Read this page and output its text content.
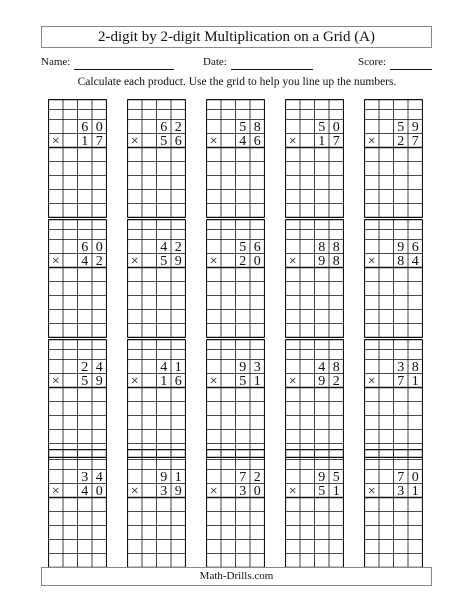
2-digit by 2-digit Multiplication on a Grid (A)
Name:	Date:	Score:
Calculate each product. Use the grid to help you line up the numbers.
6 0
× 1 7
6 2
× 5 6
5 8
× 4 6
5 0
× 1 7
5 9
× 2 7
6 0
× 4 2
4 2
× 5 9
5 6
× 2 0
8 8
× 9 8
9 6
× 8 4
2 4
× 5 9
4 1
× 1 6
9 3
× 5 1
4 8
× 9 2
3 8
× 7 1
3 4
× 4 0
9 1
× 3 9
7 2
× 3 0
9 5
× 5 1
7 0
× 3 1
Math-Drills.com
